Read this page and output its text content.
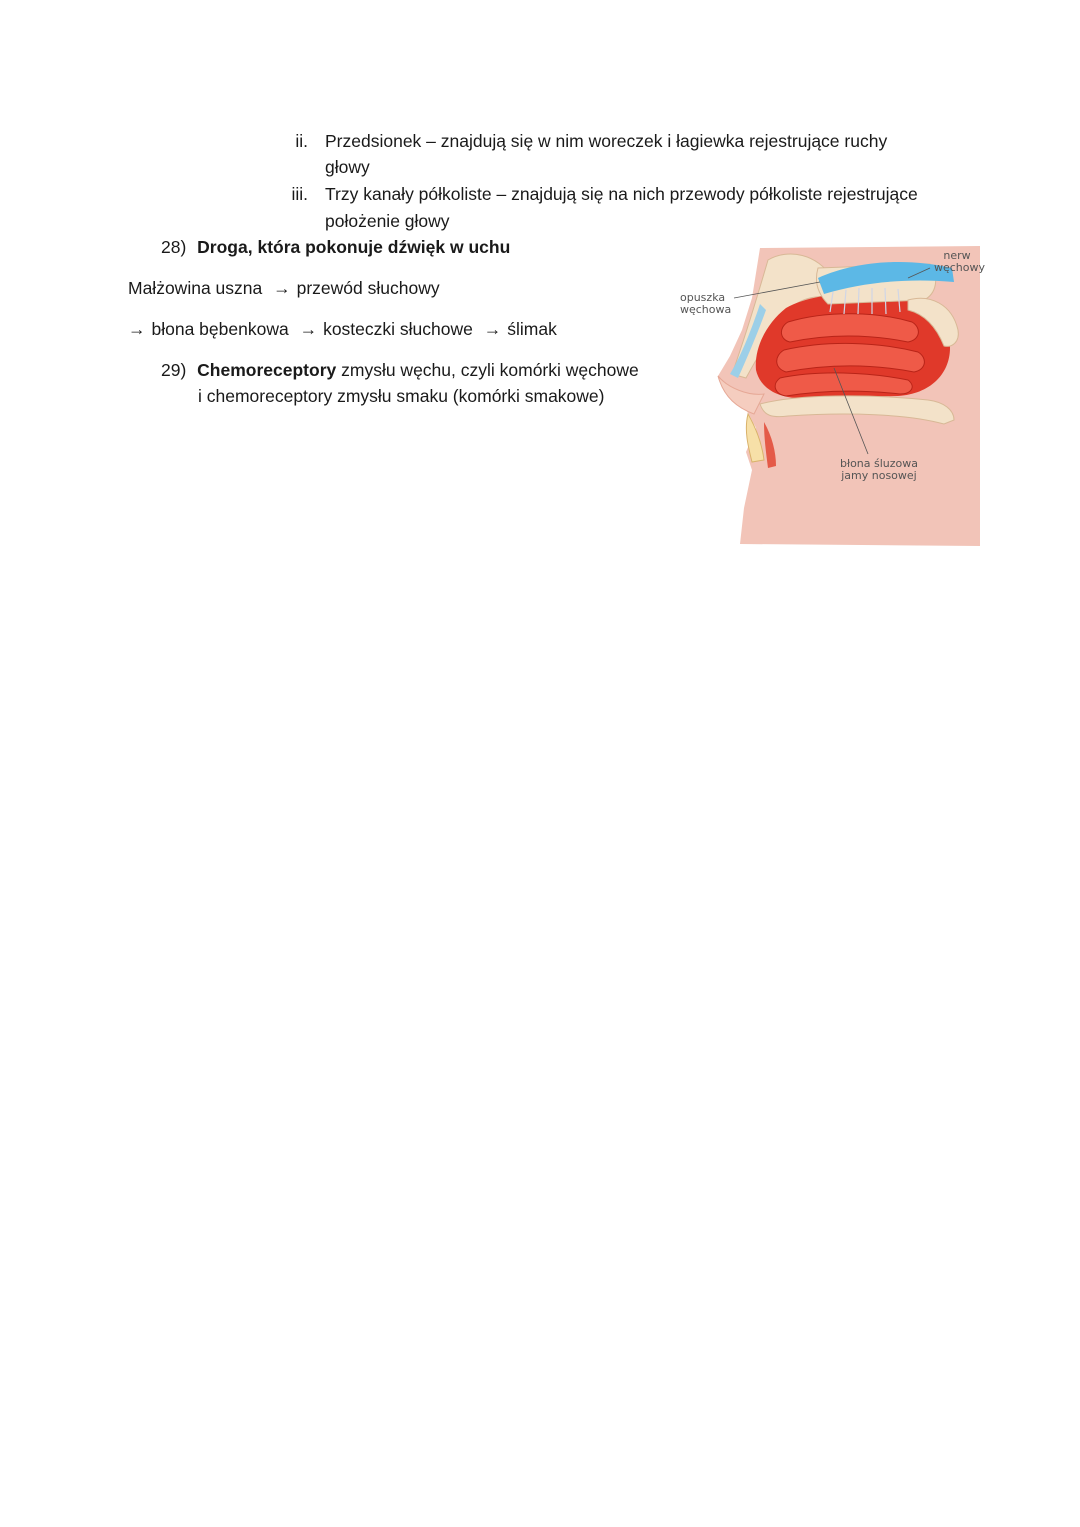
ii. Przedsionek – znajdują się w nim woreczek i łagiewka rejestrujące ruchy
głowy
iii. Trzy kanały półkoliste – znajdują się na nich przewody półkoliste rejestrujące
położenie głowy
28) Droga, która pokonuje dźwięk w uchu
Małżowina uszna → przewód słuchowy
→ błona bębenkowa → kosteczki słuchowe → ślimak
29) Chemoreceptory zmysłu węchu, czyli komórki węchowe
i chemoreceptory zmysłu smaku (komórki smakowe)
nerw
węchowy
opuszka
węchowa
błona śluzowa
jamy nosowej
